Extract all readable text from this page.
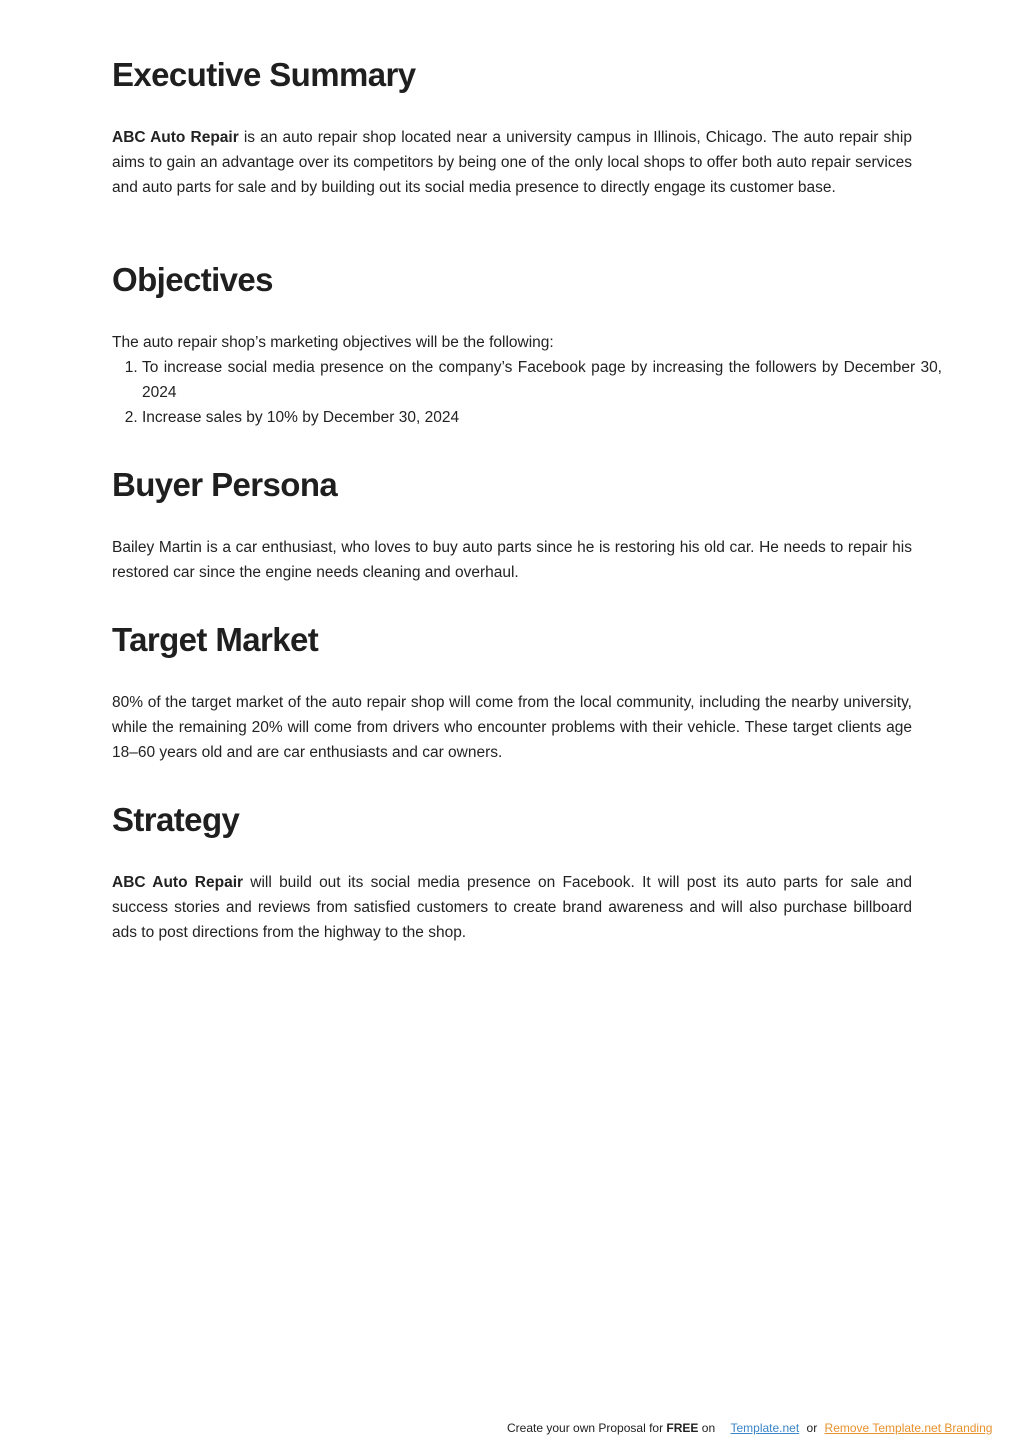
Executive Summary

ABC Auto Repair is an auto repair shop located near a university campus in Illinois, Chicago. The auto repair ship aims to gain an advantage over its competitors by being one of the only local shops to offer both auto repair services and auto parts for sale and by building out its social media presence to directly engage its customer base.

Objectives

The auto repair shop’s marketing objectives will be the following:

1. To increase social media presence on the company’s Facebook page by increasing the followers by December 30, 2024
2. Increase sales by 10% by December 30, 2024
Buyer Persona

Bailey Martin is a car enthusiast, who loves to buy auto parts since he is restoring his old car. He needs to repair his restored car since the engine needs cleaning and overhaul.

Target Market

80% of the target market of the auto repair shop will come from the local community, including the nearby university, while the remaining 20% will come from drivers who encounter problems with their vehicle. These target clients age 18–60 years old and are car enthusiasts and car owners.

Strategy

ABC Auto Repair will build out its social media presence on Facebook. It will post its auto parts for sale and success stories and reviews from satisfied customers to create brand awareness and will also purchase billboard ads to post directions from the highway to the shop.

Create your own Proposal for FREE on Template.net or Remove Template.net Branding
